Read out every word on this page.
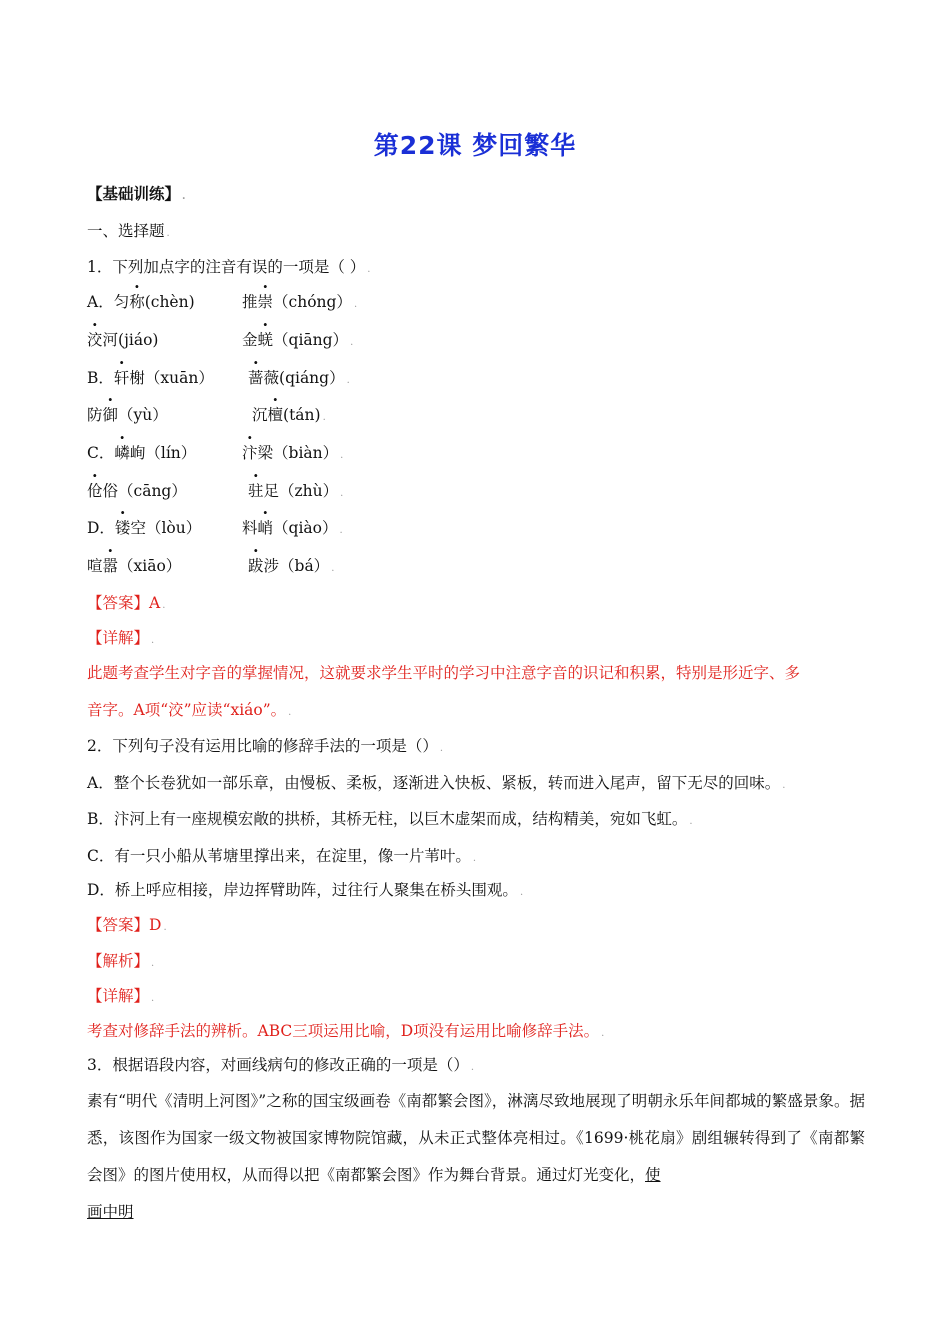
第22课 梦回繁华
【基础训练】 .
一、选择题 .
1．下列加点字的注音有误的一项是（ ） .
A．匀称(chèn)	推崇（chóng） .
洨河(jiáo)	金蜣（qiāng） .
B．轩榭（xuān） 蔷薇(qiáng） .
防御（yù）	沉檀(tán) .
C．嶙峋（lín）	汴梁（biàn） .
伧俗（cāng）	驻足（zhù） .
D．镂空（lòu）	料峭（qiào） .
喧嚣（xiāo）	跋涉（bá） .
【答案】A .
【详解】 .
此题考查学生对字音的掌握情况，这就要求学生平时的学习中注意字音的识记和积累，特别是形近字、多
音字。A项“洨”应读“xiáo”。 .
2．下列句子没有运用比喻的修辞手法的一项是（） .
A．整个长卷犹如一部乐章，由慢板、柔板，逐渐进入快板、紧板，转而进入尾声，留下无尽的回味。 .
B．汴河上有一座规模宏敞的拱桥，其桥无柱，以巨木虚架而成，结构精美，宛如飞虹。 .
C．有一只小船从苇塘里撑出来，在淀里，像一片苇叶。 .
D．桥上呼应相接，岸边挥臂助阵，过往行人聚集在桥头围观。 .
【答案】D .
【解析】 .
【详解】 .
考查对修辞手法的辨析。ABC三项运用比喻，D项没有运用比喻修辞手法。 .
3．根据语段内容，对画线病句的修改正确的一项是（） .
素有“明代《清明上河图》”之称的国宝级画卷《南都繁会图》，淋漓尽致地展现了明朝永乐年间都城的繁盛景象。据悉，该图作为国家一级文物被国家博物院馆藏，从未正式整体亮相过。《1699·桃花扇》剧组辗转得到了《南都繁会图》的图片使用权，从而得以把《南都繁会图》作为舞台背景。通过灯光变化，使
画中明
